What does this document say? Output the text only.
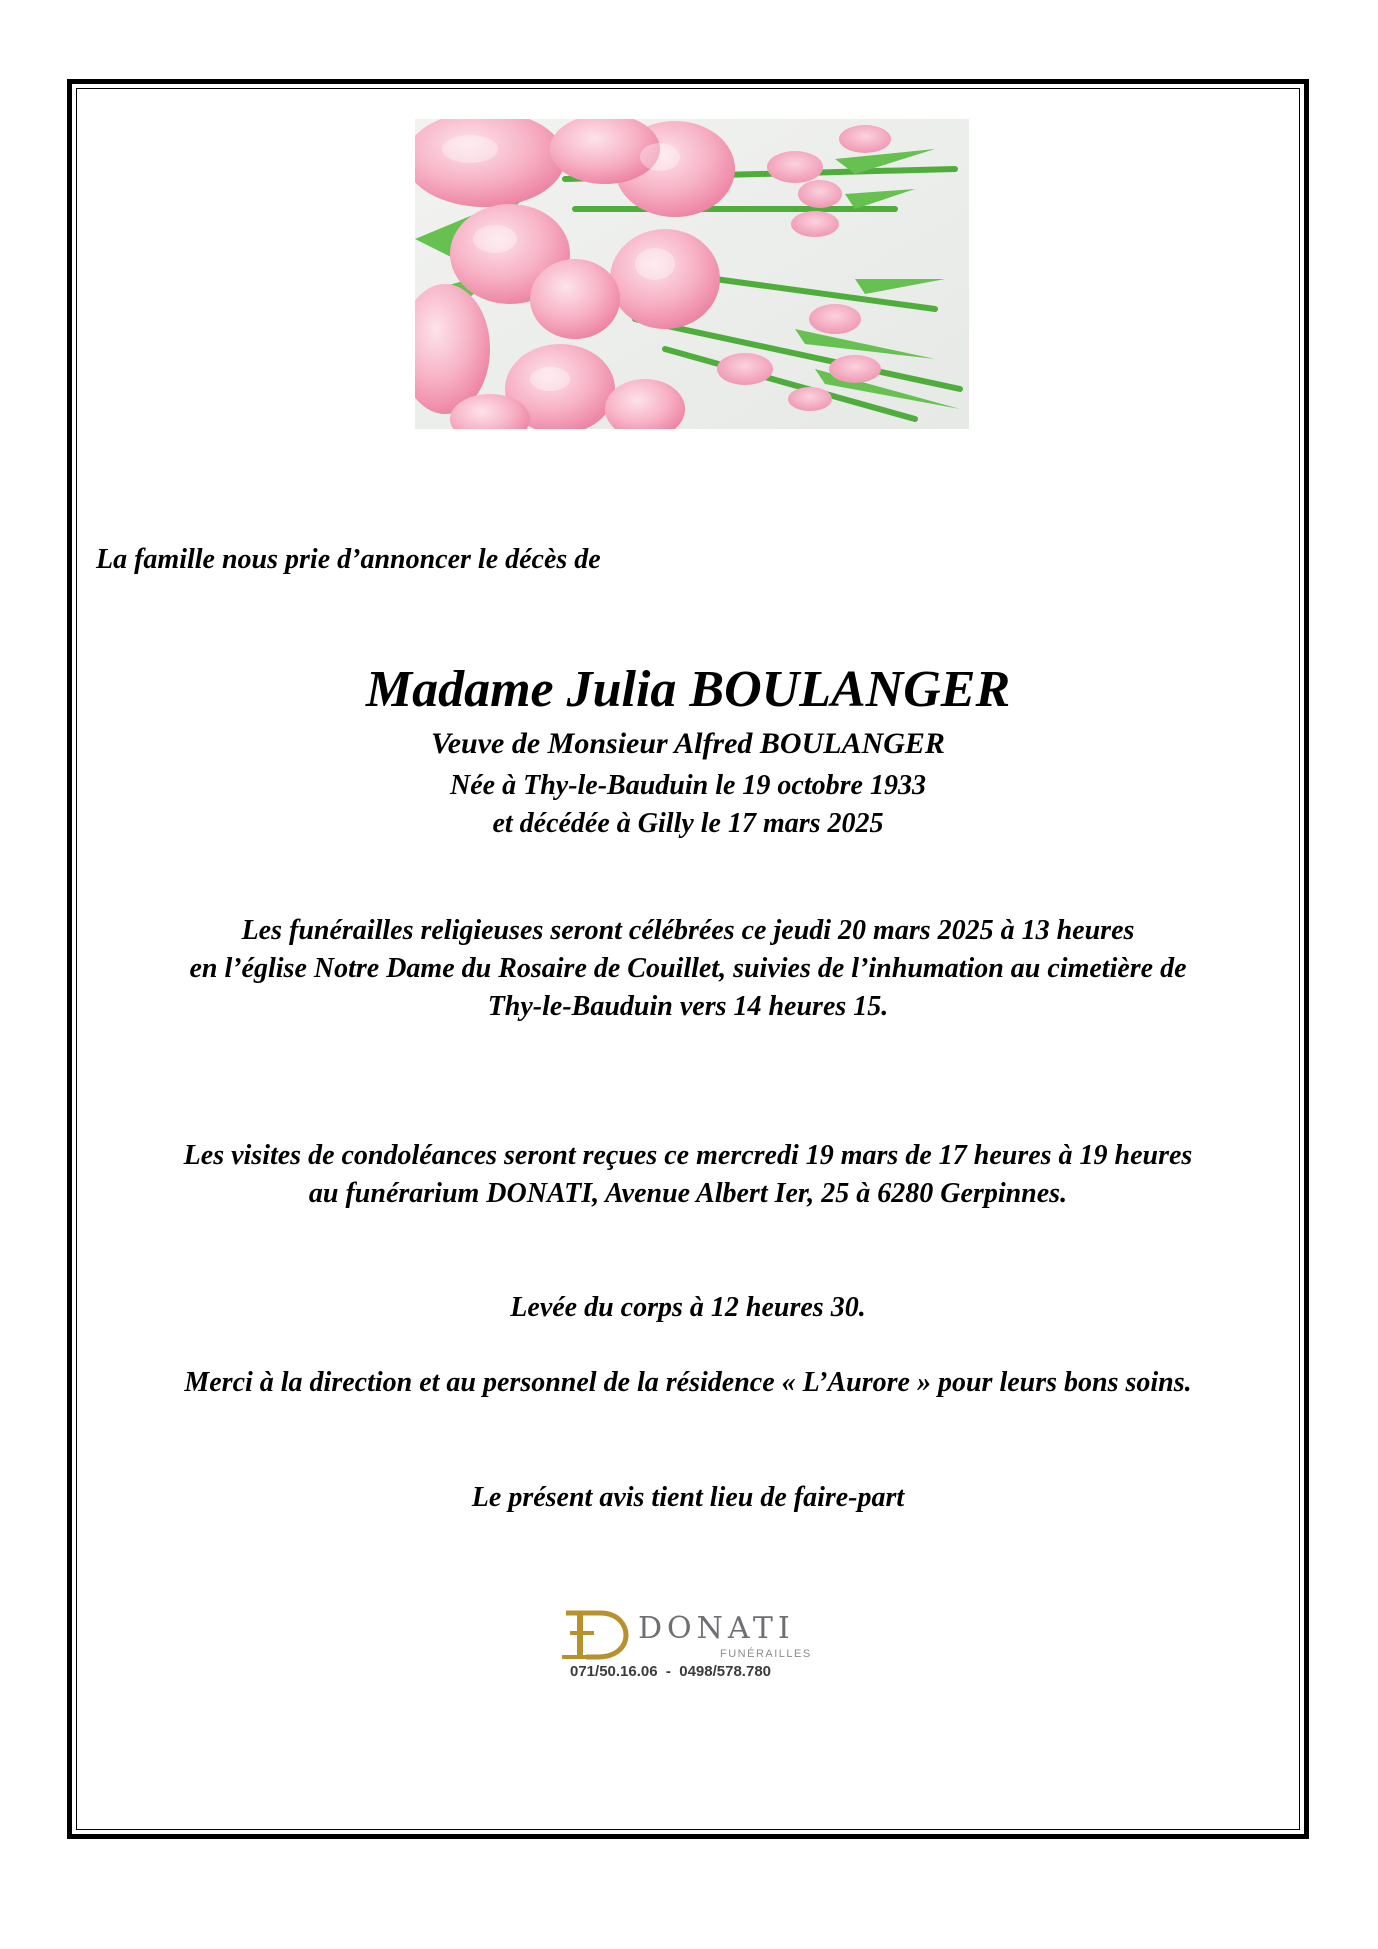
La famille nous prie d’annoncer le décès de
Madame Julia BOULANGER
Veuve de Monsieur Alfred BOULANGER
Née à Thy-le-Bauduin le 19 octobre 1933
et décédée à Gilly le 17 mars 2025
Les funérailles religieuses seront célébrées ce jeudi 20 mars 2025 à 13 heures
en l’église Notre Dame du Rosaire de Couillet, suivies de l’inhumation au cimetière de
Thy-le-Bauduin vers 14 heures 15.
Les visites de condoléances seront reçues ce mercredi 19 mars de 17 heures à 19 heures
au funérarium DONATI, Avenue Albert Ier, 25 à 6280 Gerpinnes.
Levée du corps à 12 heures 30.
Merci à la direction et au personnel de la résidence « L’Aurore » pour leurs bons soins.
Le présent avis tient lieu de faire-part
DONATI
FUNÉRAILLES
071/50.16.06  -  0498/578.780
